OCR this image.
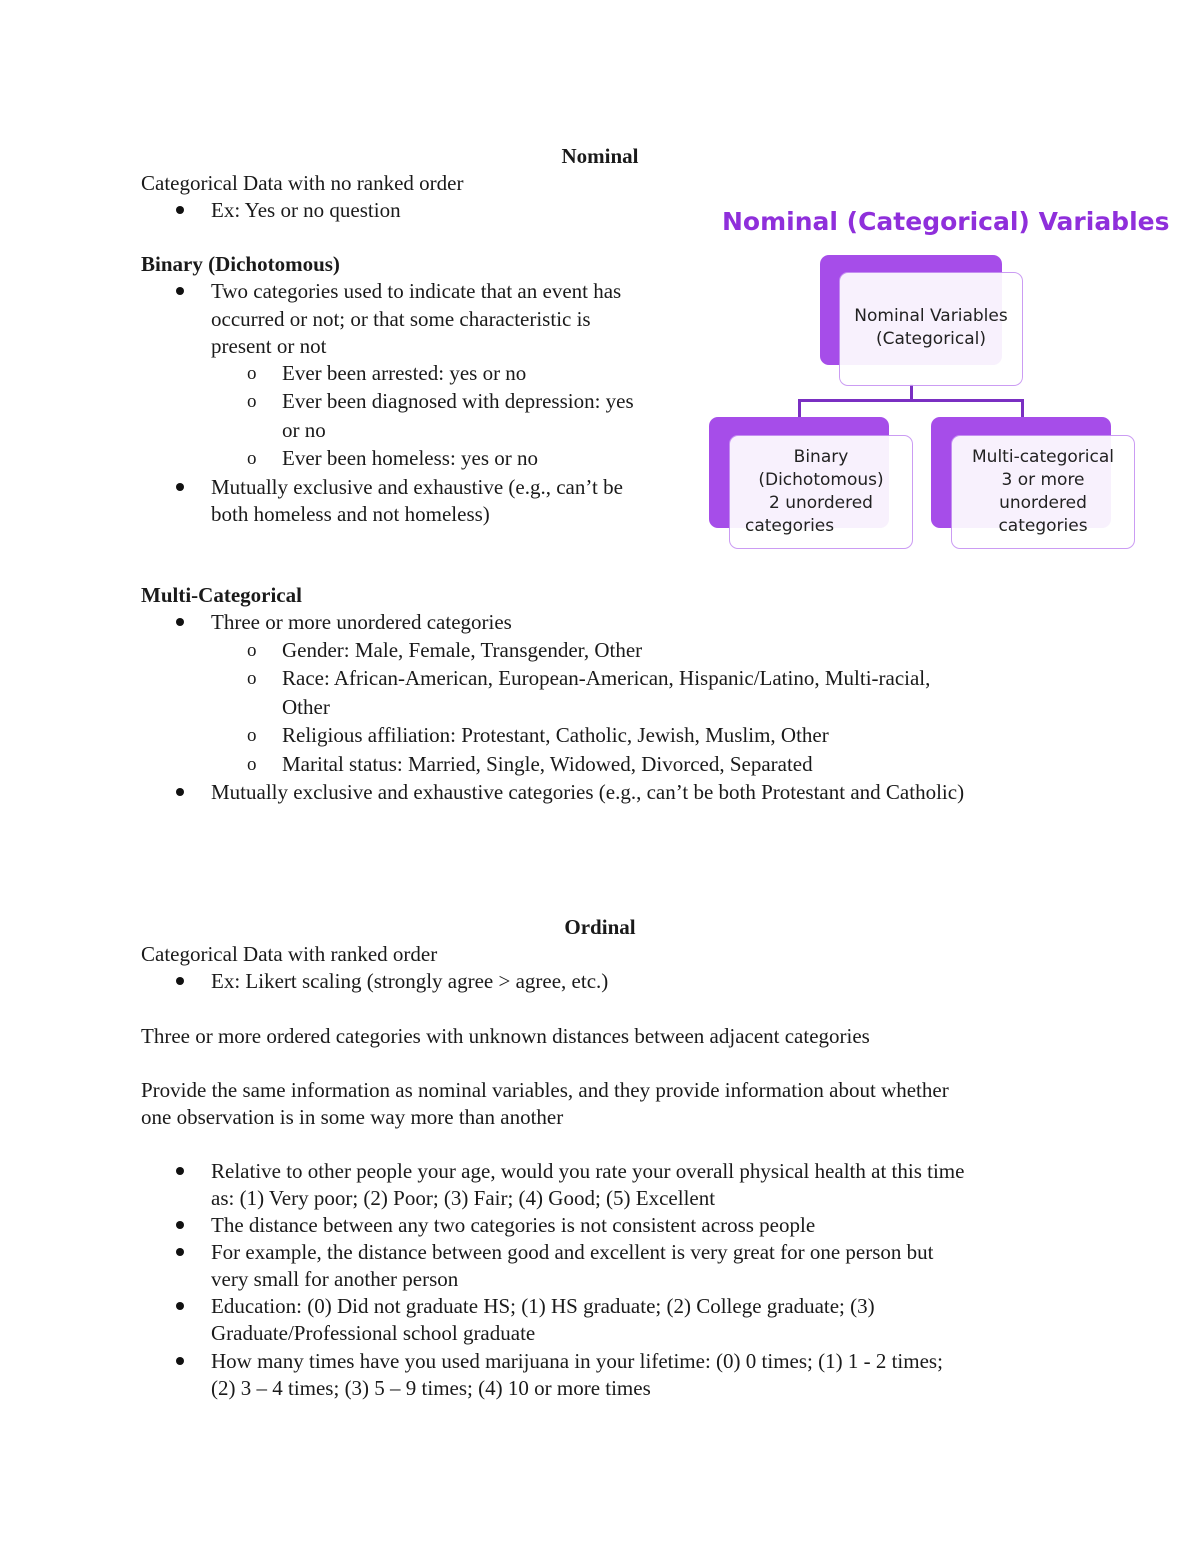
Nominal
Categorical Data with no ranked order
Ex: Yes or no question
Binary (Dichotomous)
Two categories used to indicate that an event has
occurred or not; or that some characteristic is
present or not
o Ever been arrested: yes or no
o Ever been diagnosed with depression: yes
or no
o Ever been homeless: yes or no
Mutually exclusive and exhaustive (e.g., can’t be
both homeless and not homeless)
Multi-Categorical
Three or more unordered categories
o Gender: Male, Female, Transgender, Other
o Race: African-American, European-American, Hispanic/Latino, Multi-racial,
Other
o Religious affiliation: Protestant, Catholic, Jewish, Muslim, Other
o Marital status: Married, Single, Widowed, Divorced, Separated
Mutually exclusive and exhaustive categories (e.g., can’t be both Protestant and Catholic)
Ordinal
Categorical Data with ranked order
Ex: Likert scaling (strongly agree > agree, etc.)
Three or more ordered categories with unknown distances between adjacent categories
Provide the same information as nominal variables, and they provide information about whether
one observation is in some way more than another
Relative to other people your age, would you rate your overall physical health at this time
as: (1) Very poor; (2) Poor; (3) Fair; (4) Good; (5) Excellent
The distance between any two categories is not consistent across people
For example, the distance between good and excellent is very great for one person but
very small for another person
Education: (0) Did not graduate HS; (1) HS graduate; (2) College graduate; (3)
Graduate/Professional school graduate
How many times have you used marijuana in your lifetime: (0) 0 times; (1) 1 - 2 times;
(2) 3 – 4 times; (3) 5 – 9 times; (4) 10 or more times
Nominal (Categorical) Variables
Nominal Variables
(Categorical)
Binary
(Dichotomous)
2 unordered
categories
Multi-categorical
3 or more
unordered
categories
